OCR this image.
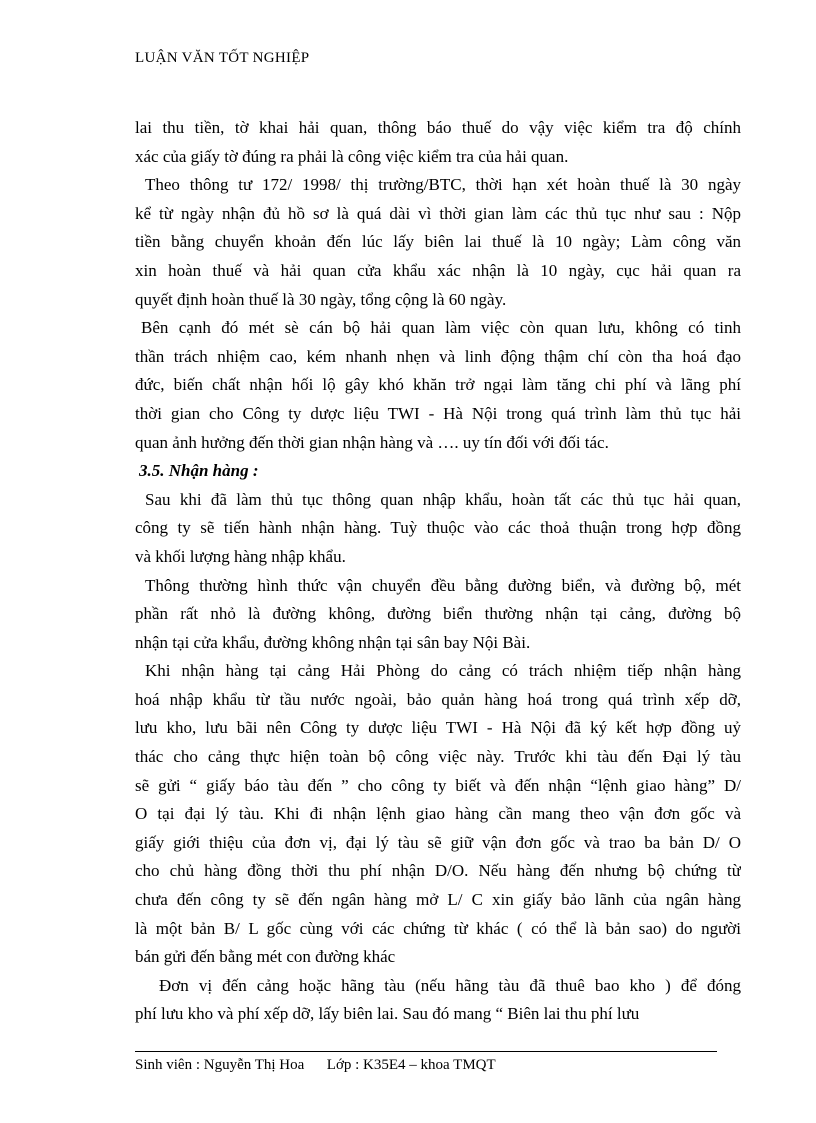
LUẬN VĂN TỐT NGHIỆP
lai thu tiền, tờ khai hải quan, thông báo thuế do vậy việc kiểm tra độ chính
xác của giấy tờ đúng ra phải là công việc kiểm tra của hải quan.
Theo thông tư 172/ 1998/ thị trường/BTC, thời hạn xét hoàn thuế là 30 ngày
kể từ ngày nhận đủ hồ sơ là quá dài vì thời gian làm các thủ tục như sau : Nộp
tiền bằng chuyển khoản đến lúc lấy biên lai thuế là 10 ngày; Làm công văn
xin hoàn thuế và hải quan cửa khẩu xác nhận là 10 ngày, cục hải quan ra
quyết định hoàn thuế là 30 ngày, tổng cộng là 60 ngày.
Bên cạnh đó mét sè cán bộ hải quan làm việc còn quan lưu, không có tinh
thần trách nhiệm cao, kém nhanh nhẹn và linh động thậm chí còn tha hoá đạo
đức, biến chất nhận hối lộ gây khó khăn trở ngại làm tăng chi phí và lãng phí
thời gian cho Công ty dược liệu TWI - Hà Nội trong quá trình làm thủ tục hải
quan ảnh hưởng đến thời gian nhận hàng và …. uy tín đối với đối tác.
3.5. Nhận hàng :
Sau khi đã làm thủ tục thông quan nhập khẩu, hoàn tất các thủ tục hải quan,
công ty sẽ tiến hành nhận hàng. Tuỳ thuộc vào các thoả thuận trong hợp đồng
và khối lượng hàng nhập khẩu.
Thông thường hình thức vận chuyển đều bằng đường biển, và đường bộ, mét
phần rất nhỏ là đường không, đường biển thường nhận tại cảng, đường bộ
nhận tại cửa khẩu, đường không nhận tại sân bay Nội Bài.
Khi nhận hàng tại cảng Hải Phòng do cảng có trách nhiệm tiếp nhận hàng
hoá nhập khẩu từ tầu nước ngoài, bảo quản hàng hoá trong quá trình xếp dỡ,
lưu kho, lưu bãi nên Công ty dược liệu TWI - Hà Nội đã ký kết hợp đồng uỷ
thác cho cảng thực hiện toàn bộ công việc này. Trước khi tàu đến Đại lý tàu
sẽ gửi “ giấy báo tàu đến ” cho công ty biết và đến nhận “lệnh giao hàng” D/
O tại đại lý tàu. Khi đi nhận lệnh giao hàng cần mang theo vận đơn gốc và
giấy giới thiệu của đơn vị, đại lý tàu sẽ giữ vận đơn gốc và trao ba bản D/ O
cho chủ hàng đồng thời thu phí nhận D/O. Nếu hàng đến nhưng bộ chứng từ
chưa đến công ty sẽ đến ngân hàng mở L/ C xin giấy bảo lãnh của ngân hàng
là một bản B/ L gốc cùng với các chứng từ khác ( có thể là bản sao) do người
bán gửi đến bằng mét con đường khác
Đơn vị đến cảng hoặc hãng tàu (nếu hãng tàu đã thuê bao kho ) để đóng
phí lưu kho và phí xếp dỡ, lấy biên lai. Sau đó mang “ Biên lai thu phí lưu
Sinh viên : Nguyễn Thị Hoa      Lớp : K35E4 – khoa TMQT
